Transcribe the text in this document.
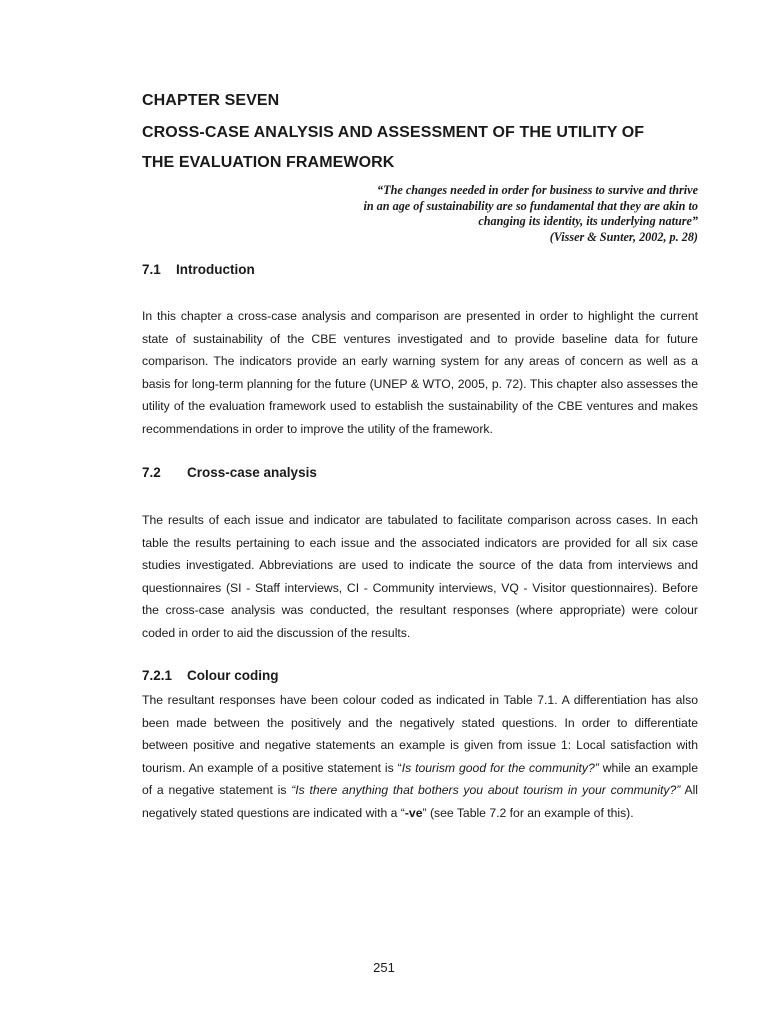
CHAPTER SEVEN
CROSS-CASE ANALYSIS AND ASSESSMENT OF THE UTILITY OF
THE EVALUATION FRAMEWORK
“The changes needed in order for business to survive and thrive
in an age of sustainability are so fundamental that they are akin to
changing its identity, its underlying nature”
(Visser & Sunter, 2002, p. 28)
7.1 Introduction

In this chapter a cross-case analysis and comparison are presented in order to highlight the current state of sustainability of the CBE ventures investigated and to provide baseline data for future comparison. The indicators provide an early warning system for any areas of concern as well as a basis for long-term planning for the future (UNEP & WTO, 2005, p. 72). This chapter also assesses the utility of the evaluation framework used to establish the sustainability of the CBE ventures and makes recommendations in order to improve the utility of the framework.

7.2 Cross-case analysis

The results of each issue and indicator are tabulated to facilitate comparison across cases. In each table the results pertaining to each issue and the associated indicators are provided for all six case studies investigated. Abbreviations are used to indicate the source of the data from interviews and questionnaires (SI - Staff interviews, CI - Community interviews, VQ - Visitor questionnaires). Before the cross-case analysis was conducted, the resultant responses (where appropriate) were colour coded in order to aid the discussion of the results.

7.2.1 Colour coding

The resultant responses have been colour coded as indicated in Table 7.1. A differentiation has also been made between the positively and the negatively stated questions. In order to differentiate between positive and negative statements an example is given from issue 1: Local satisfaction with tourism. An example of a positive statement is “Is tourism good for the community?” while an example of a negative statement is “Is there anything that bothers you about tourism in your community?” All negatively stated questions are indicated with a “-ve” (see Table 7.2 for an example of this).

251
